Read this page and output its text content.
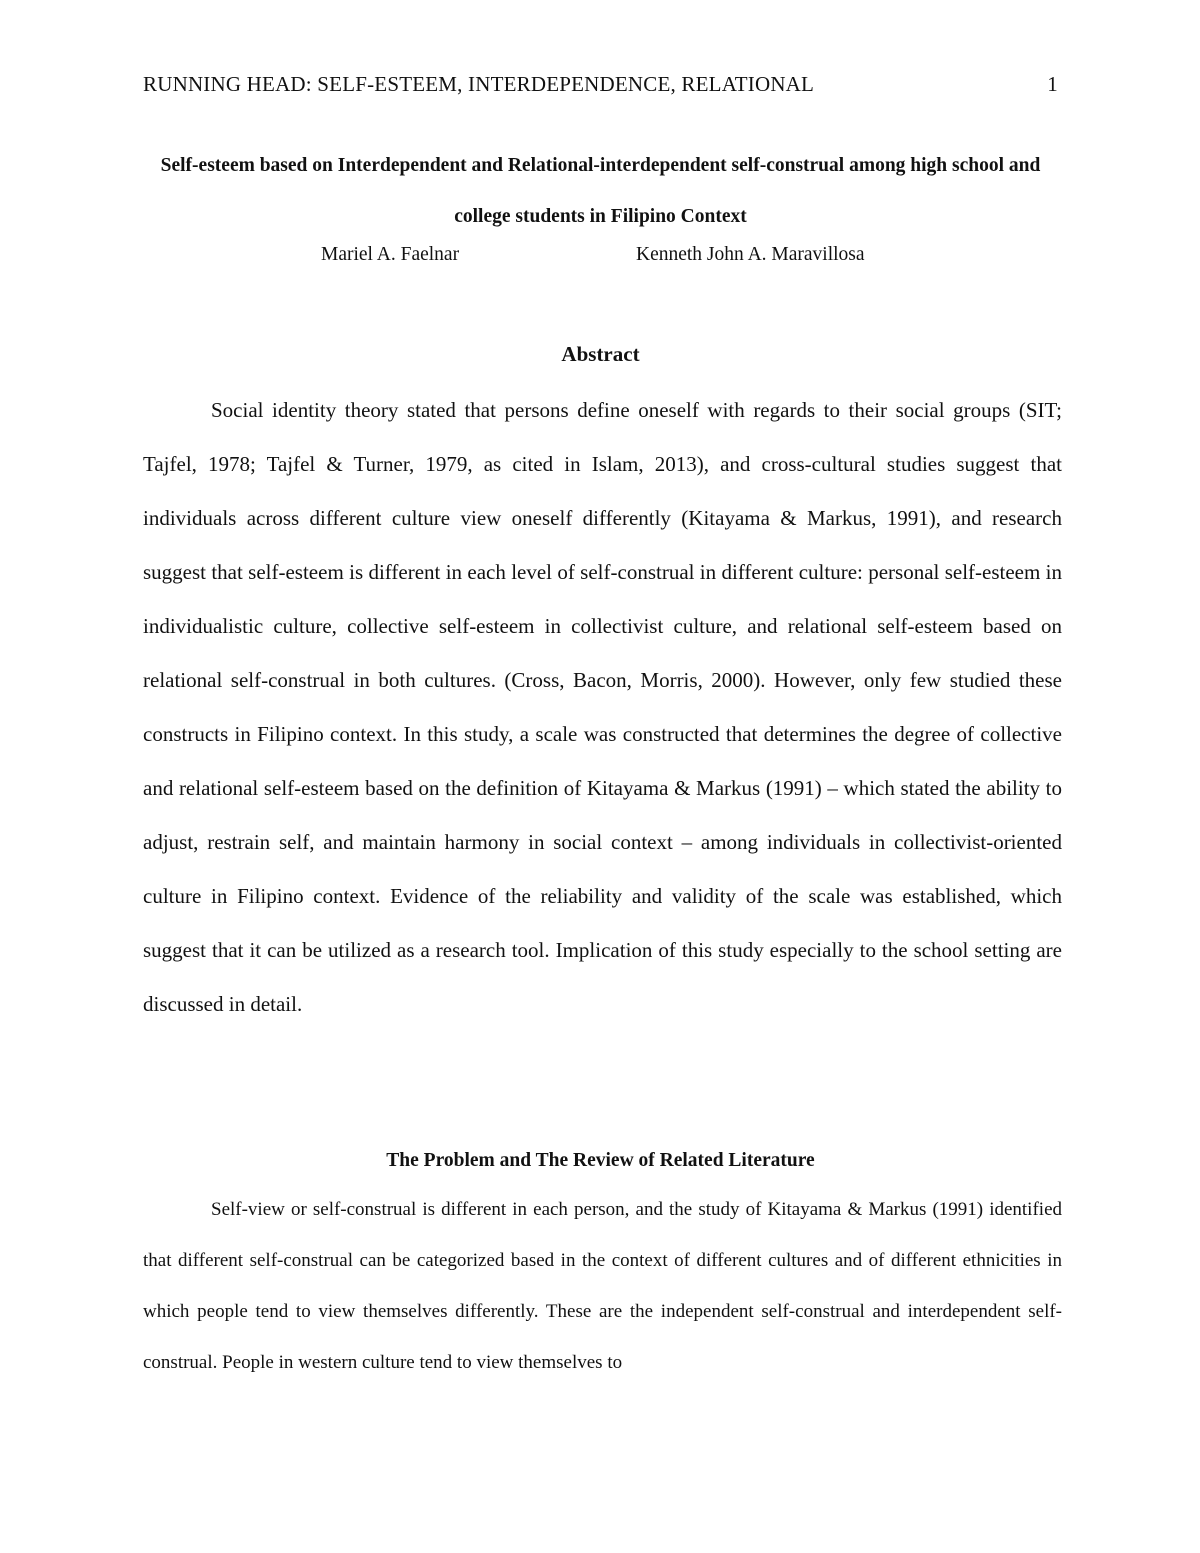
RUNNING HEAD: SELF-ESTEEM, INTERDEPENDENCE, RELATIONAL	1
Self-esteem based on Interdependent and Relational-interdependent self-construal among high school and college students in Filipino Context
Mariel A. Faelnar	Kenneth John A. Maravillosa
Abstract

Social identity theory stated that persons define oneself with regards to their social groups (SIT; Tajfel, 1978; Tajfel & Turner, 1979, as cited in Islam, 2013), and cross-cultural studies suggest that individuals across different culture view oneself differently (Kitayama & Markus, 1991), and research suggest that self-esteem is different in each level of self-construal in different culture: personal self-esteem in individualistic culture, collective self-esteem in collectivist culture, and relational self-esteem based on relational self-construal in both cultures. (Cross, Bacon, Morris, 2000). However, only few studied these constructs in Filipino context. In this study, a scale was constructed that determines the degree of collective and relational self-esteem based on the definition of Kitayama & Markus (1991) – which stated the ability to adjust, restrain self, and maintain harmony in social context – among individuals in collectivist-oriented culture in Filipino context. Evidence of the reliability and validity of the scale was established, which suggest that it can be utilized as a research tool. Implication of this study especially to the school setting are discussed in detail.

The Problem and The Review of Related Literature

Self-view or self-construal is different in each person, and the study of Kitayama & Markus (1991) identified that different self-construal can be categorized based in the context of different cultures and of different ethnicities in which people tend to view themselves differently. These are the independent self-construal and interdependent self-construal. People in western culture tend to view themselves to
